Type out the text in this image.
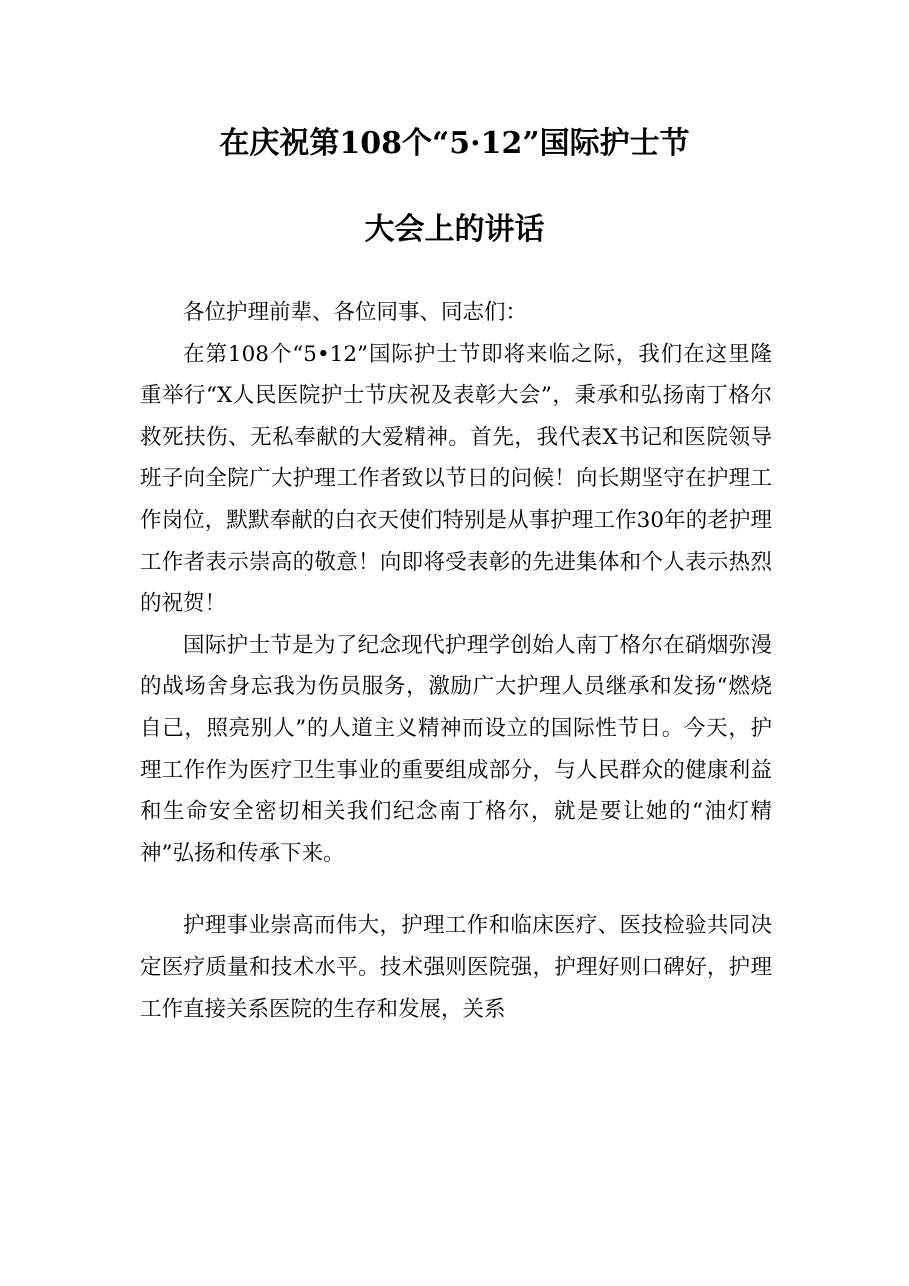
在庆祝第108个“5·12”国际护士节
大会上的讲话

各位护理前辈、各位同事、同志们：

在第108个“5•12”国际护士节即将来临之际，我们在这里隆重举行“X人民医院护士节庆祝及表彰大会”，秉承和弘扬南丁格尔救死扶伤、无私奉献的大爱精神。首先，我代表X书记和医院领导班子向全院广大护理工作者致以节日的问候！向长期坚守在护理工作岗位，默默奉献的白衣天使们特别是从事护理工作30年的老护理工作者表示崇高的敬意！向即将受表彰的先进集体和个人表示热烈的祝贺！

国际护士节是为了纪念现代护理学创始人南丁格尔在硝烟弥漫的战场舍身忘我为伤员服务，激励广大护理人员继承和发扬“燃烧自己，照亮别人”的人道主义精神而设立的国际性节日。今天，护理工作作为医疗卫生事业的重要组成部分，与人民群众的健康利益和生命安全密切相关我们纪念南丁格尔，就是要让她的“油灯精神”弘扬和传承下来。

护理事业崇高而伟大，护理工作和临床医疗、医技检验共同决定医疗质量和技术水平。技术强则医院强，护理好则口碑好，护理工作直接关系医院的生存和发展，关系
